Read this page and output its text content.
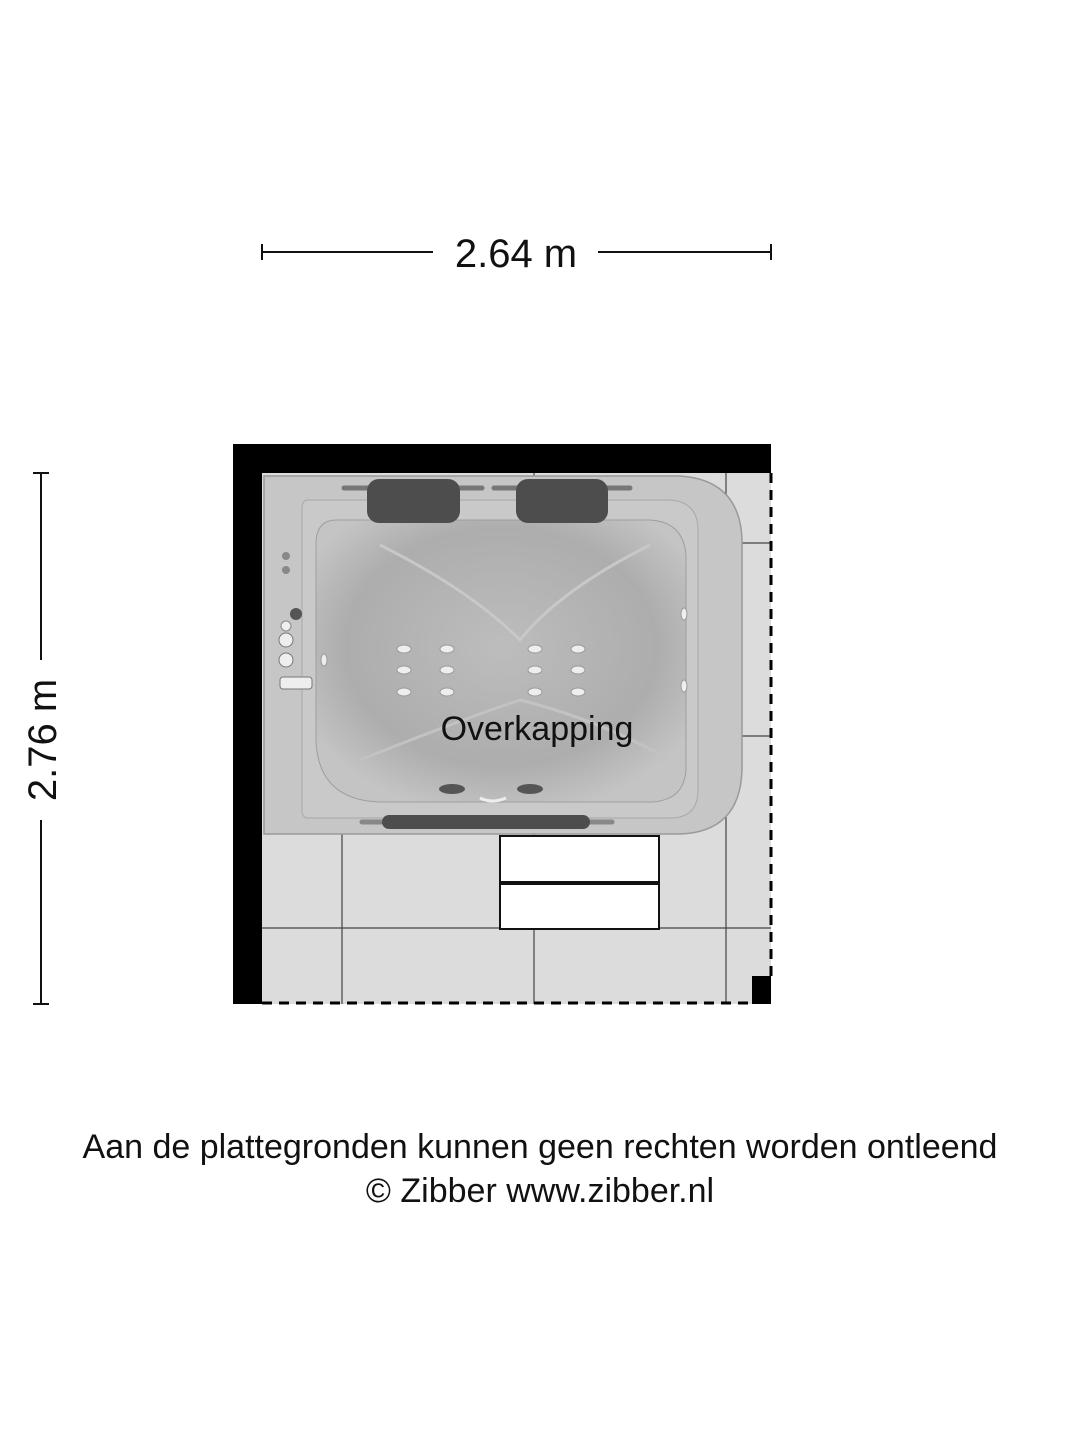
2.64 m
2.76 m	Overkapping
Aan de plattegronden kunnen geen rechten worden ontleend
© Zibber www.zibber.nl
